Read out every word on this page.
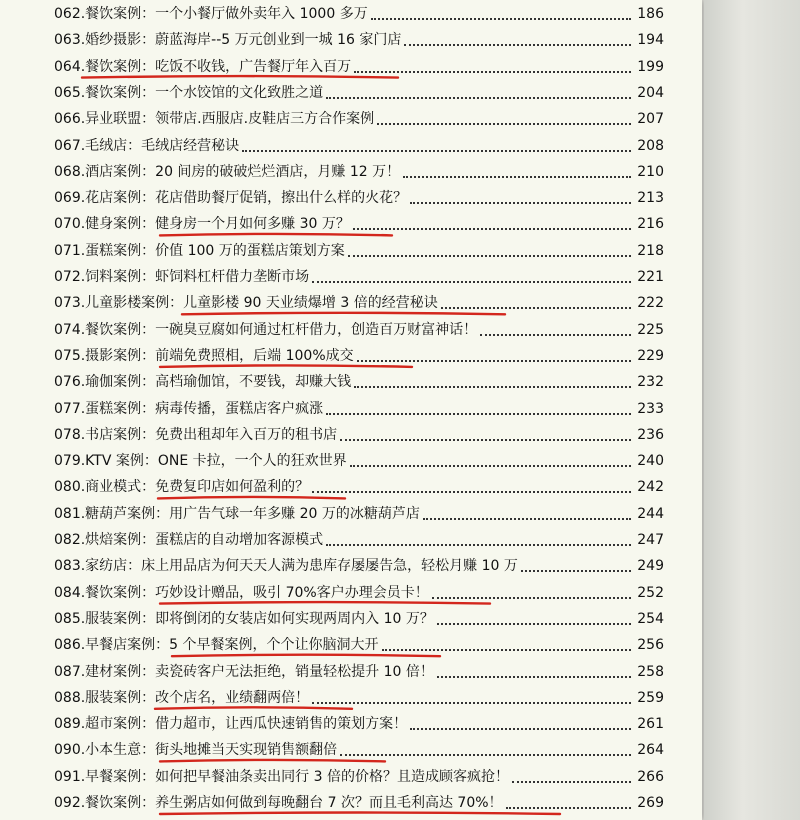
062. 餐饮案例：一个小餐厅做外卖年入 1000 多万	186
063. 婚纱摄影：蔚蓝海岸--5 万元创业到一城 16 家门店	194
064. 餐饮案例：吃饭不收钱，广告餐厅年入百万	199
065. 餐饮案例：一个水饺馆的文化致胜之道	204
066. 异业联盟：领带店.西服店.皮鞋店三方合作案例	207
067. 毛绒店：毛绒店经营秘诀	208
068. 酒店案例：20 间房的破破烂烂酒店，月赚 12 万！	210
069. 花店案例：花店借助餐厅促销，擦出什么样的火花？	213
070. 健身案例：健身房一个月如何多赚 30 万？	216
071. 蛋糕案例：价值 100 万的蛋糕店策划方案	218
072. 饲料案例：虾饲料杠杆借力垄断市场	221
073. 儿童影楼案例：儿童影楼 90 天业绩爆增 3 倍的经营秘诀	222
074. 餐饮案例：一碗臭豆腐如何通过杠杆借力，创造百万财富神话！	225
075. 摄影案例：前端免费照相，后端 100%成交	229
076. 瑜伽案例：高档瑜伽馆，不要钱，却赚大钱	232
077. 蛋糕案例：病毒传播，蛋糕店客户疯涨	233
078. 书店案例：免费出租却年入百万的租书店	236
079. KTV 案例：ONE 卡拉，一个人的狂欢世界	240
080. 商业模式：免费复印店如何盈利的？	242
081. 糖葫芦案例：用广告气球一年多赚 20 万的冰糖葫芦店	244
082. 烘焙案例：蛋糕店的自动增加客源模式	247
083. 家纺店：床上用品店为何天天人满为患库存屡屡告急，轻松月赚 10 万	249
084. 餐饮案例：巧妙设计赠品，吸引 70%客户办理会员卡！	252
085. 服装案例：即将倒闭的女装店如何实现两周内入 10 万？	254
086. 早餐店案例：5 个早餐案例，个个让你脑洞大开	256
087. 建材案例：卖瓷砖客户无法拒绝，销量轻松提升 10 倍！	258
088. 服装案例：改个店名，业绩翻两倍！	259
089. 超市案例：借力超市，让西瓜快速销售的策划方案！	261
090. 小本生意：街头地摊当天实现销售额翻倍	264
091. 早餐案例：如何把早餐油条卖出同行 3 倍的价格？且造成顾客疯抢！	266
092. 餐饮案例：养生粥店如何做到每晚翻台 7 次？而且毛利高达 70%！	269
